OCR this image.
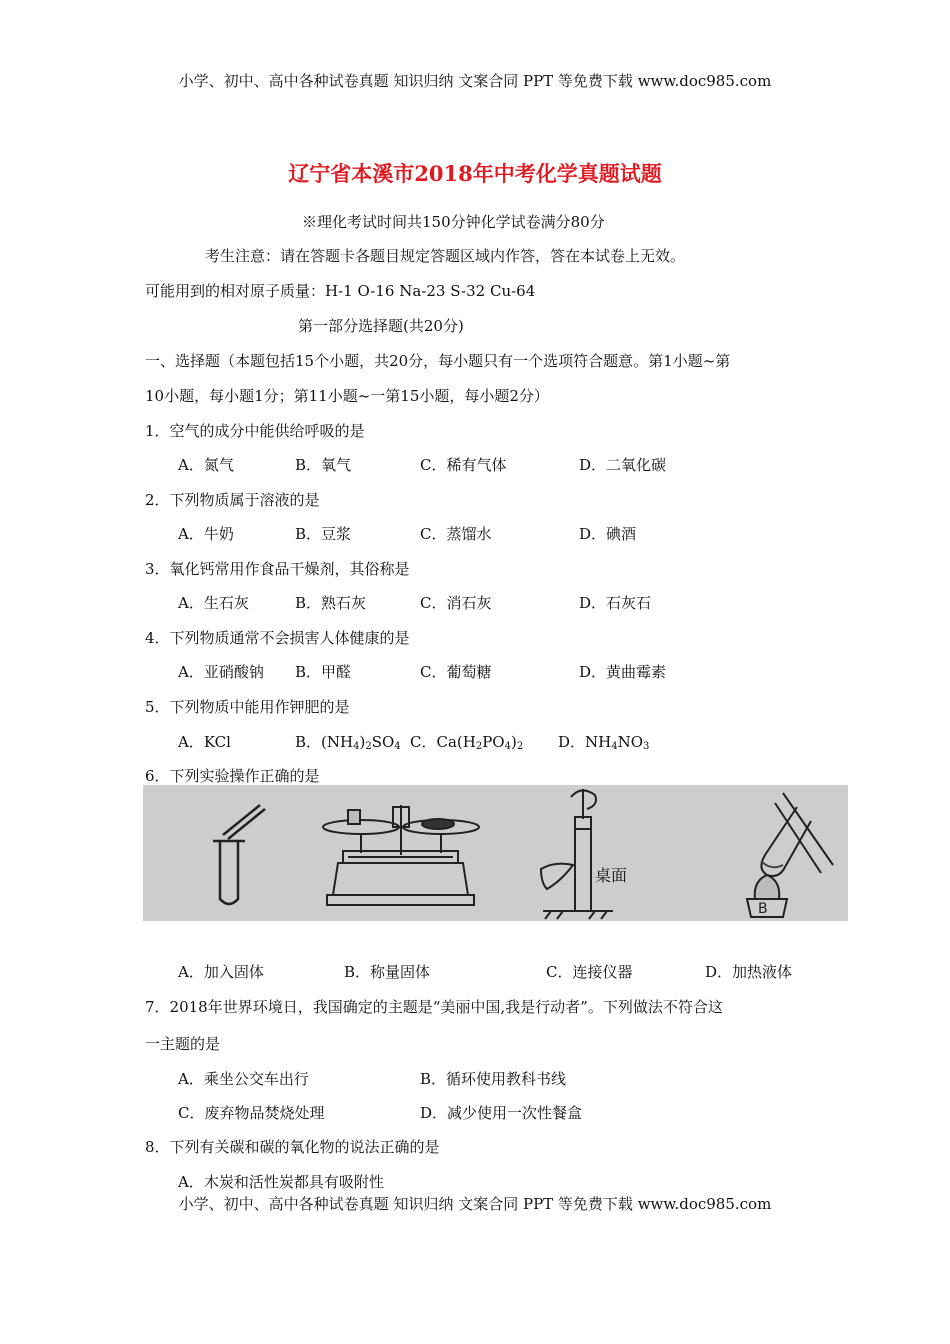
小学、初中、高中各种试卷真题 知识归纳 文案合同 PPT 等免费下载 www.doc985.com
辽宁省本溪市2018年中考化学真题试题
※理化考试时间共150分钟化学试卷满分80分
考生注意：请在答题卡各题目规定答题区域内作答，答在本试卷上无效。
可能用到的相对原子质量：H-1 O-16 Na-23 S-32 Cu-64
第一部分选择题(共20分)
一、选择题（本题包括15个小题，共20分，每小题只有一个选项符合题意。第1小题~第
10小题，每小题1分；第11小题~一第15小题，每小题2分）
1．空气的成分中能供给呼吸的是
A．氮气	B．氧气	C．稀有气体	D．二氧化碳
2．下列物质属于溶液的是
A．牛奶	B．豆浆	C．蒸馏水	D．碘酒
3．氧化钙常用作食品干燥剂，其俗称是
A．生石灰	B．熟石灰	C．消石灰	D．石灰石
4．下列物质通常不会损害人体健康的是
A．亚硝酸钠 B．甲醛	C．葡萄糖	D．黄曲霉素
5．下列物质中能用作钾肥的是
A．KCl	B．$(NH_4)_2SO_4$ C．$Ca(H_2PO_4)_2$ D．$NH_4NO_3$
6．下列实验操作正确的是
桌面
B
A．加入固体	B．称量固体	C．连接仪器	D．加热液体
7．2018年世界环境日，我国确定的主题是“美丽中国,我是行动者”。下列做法不符合这
一主题的是
A．乘坐公交车出行	B．循环使用教科书线
C．废弃物品焚烧处理	D．减少使用一次性餐盒
8．下列有关碳和碳的氧化物的说法正确的是
A．木炭和活性炭都具有吸附性
小学、初中、高中各种试卷真题 知识归纳 文案合同 PPT 等免费下载 www.doc985.com
